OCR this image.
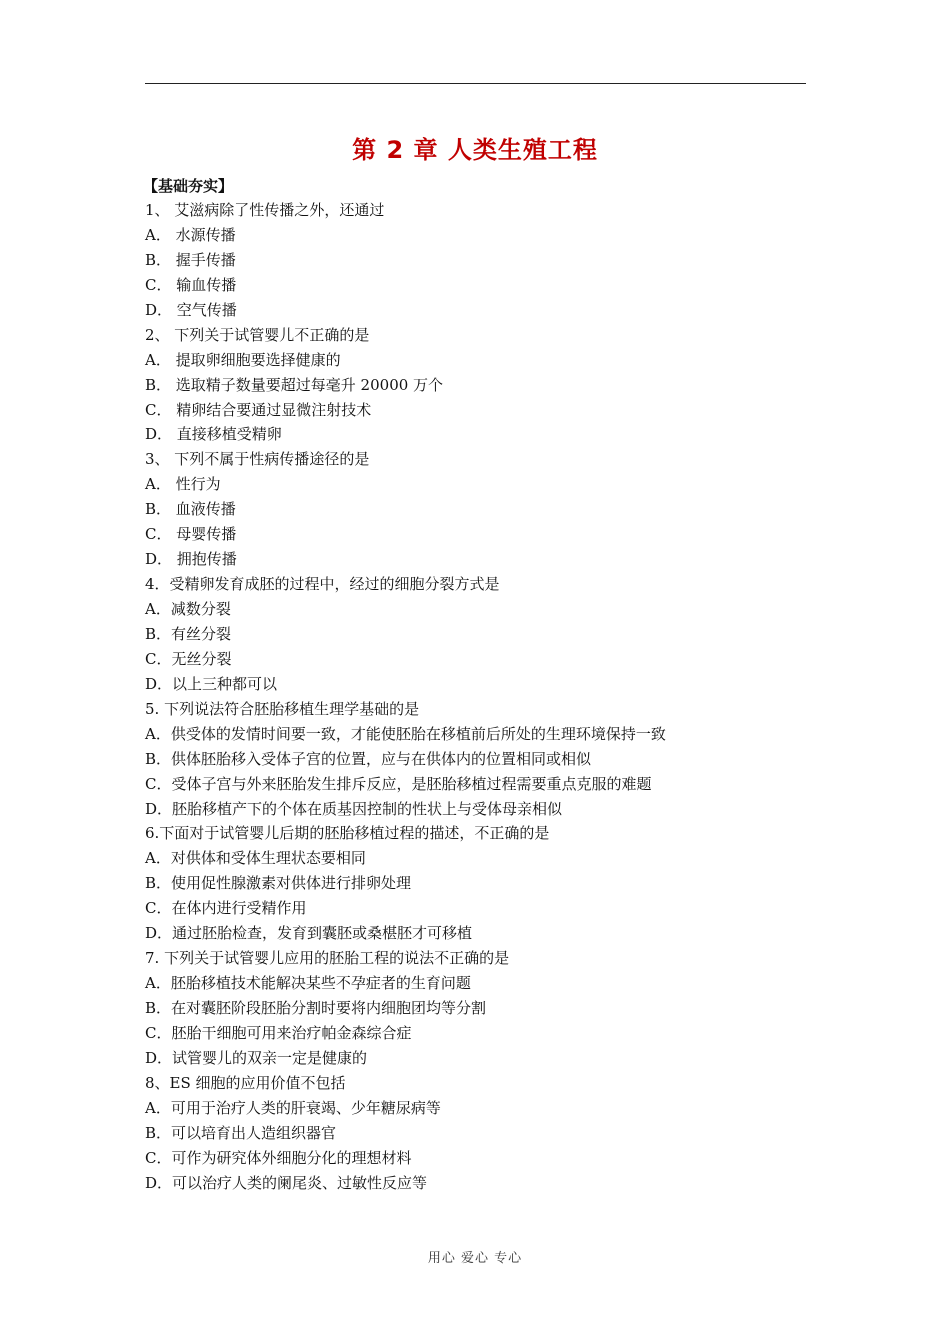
第 2 章 人类生殖工程
【基础夯实】
1、 艾滋病除了性传播之外，还通过
A． 水源传播
B． 握手传播
C． 输血传播
D． 空气传播
2、 下列关于试管婴儿不正确的是
A． 提取卵细胞要选择健康的
B． 选取精子数量要超过每毫升 20000 万个
C． 精卵结合要通过显微注射技术
D． 直接移植受精卵
3、 下列不属于性病传播途径的是
A． 性行为
B． 血液传播
C． 母婴传播
D． 拥抱传播
4．受精卵发育成胚的过程中，经过的细胞分裂方式是
A．减数分裂
B．有丝分裂
C．无丝分裂
D．以上三种都可以
5. 下列说法符合胚胎移植生理学基础的是
A．供受体的发情时间要一致，才能使胚胎在移植前后所处的生理环境保持一致
B．供体胚胎移入受体子宫的位置，应与在供体内的位置相同或相似
C．受体子宫与外来胚胎发生排斥反应，是胚胎移植过程需要重点克服的难题
D．胚胎移植产下的个体在质基因控制的性状上与受体母亲相似
6.下面对于试管婴儿后期的胚胎移植过程的描述，不正确的是
A．对供体和受体生理状态要相同
B．使用促性腺激素对供体进行排卵处理
C．在体内进行受精作用
D．通过胚胎检查，发育到囊胚或桑椹胚才可移植
7. 下列关于试管婴儿应用的胚胎工程的说法不正确的是
A．胚胎移植技术能解决某些不孕症者的生育问题
B．在对囊胚阶段胚胎分割时要将内细胞团均等分割
C．胚胎干细胞可用来治疗帕金森综合症
D．试管婴儿的双亲一定是健康的
8、ES 细胞的应用价值不包括
A．可用于治疗人类的肝衰竭、少年糖尿病等
B．可以培育出人造组织器官
C．可作为研究体外细胞分化的理想材料
D．可以治疗人类的阑尾炎、过敏性反应等
用心 爱心 专心
